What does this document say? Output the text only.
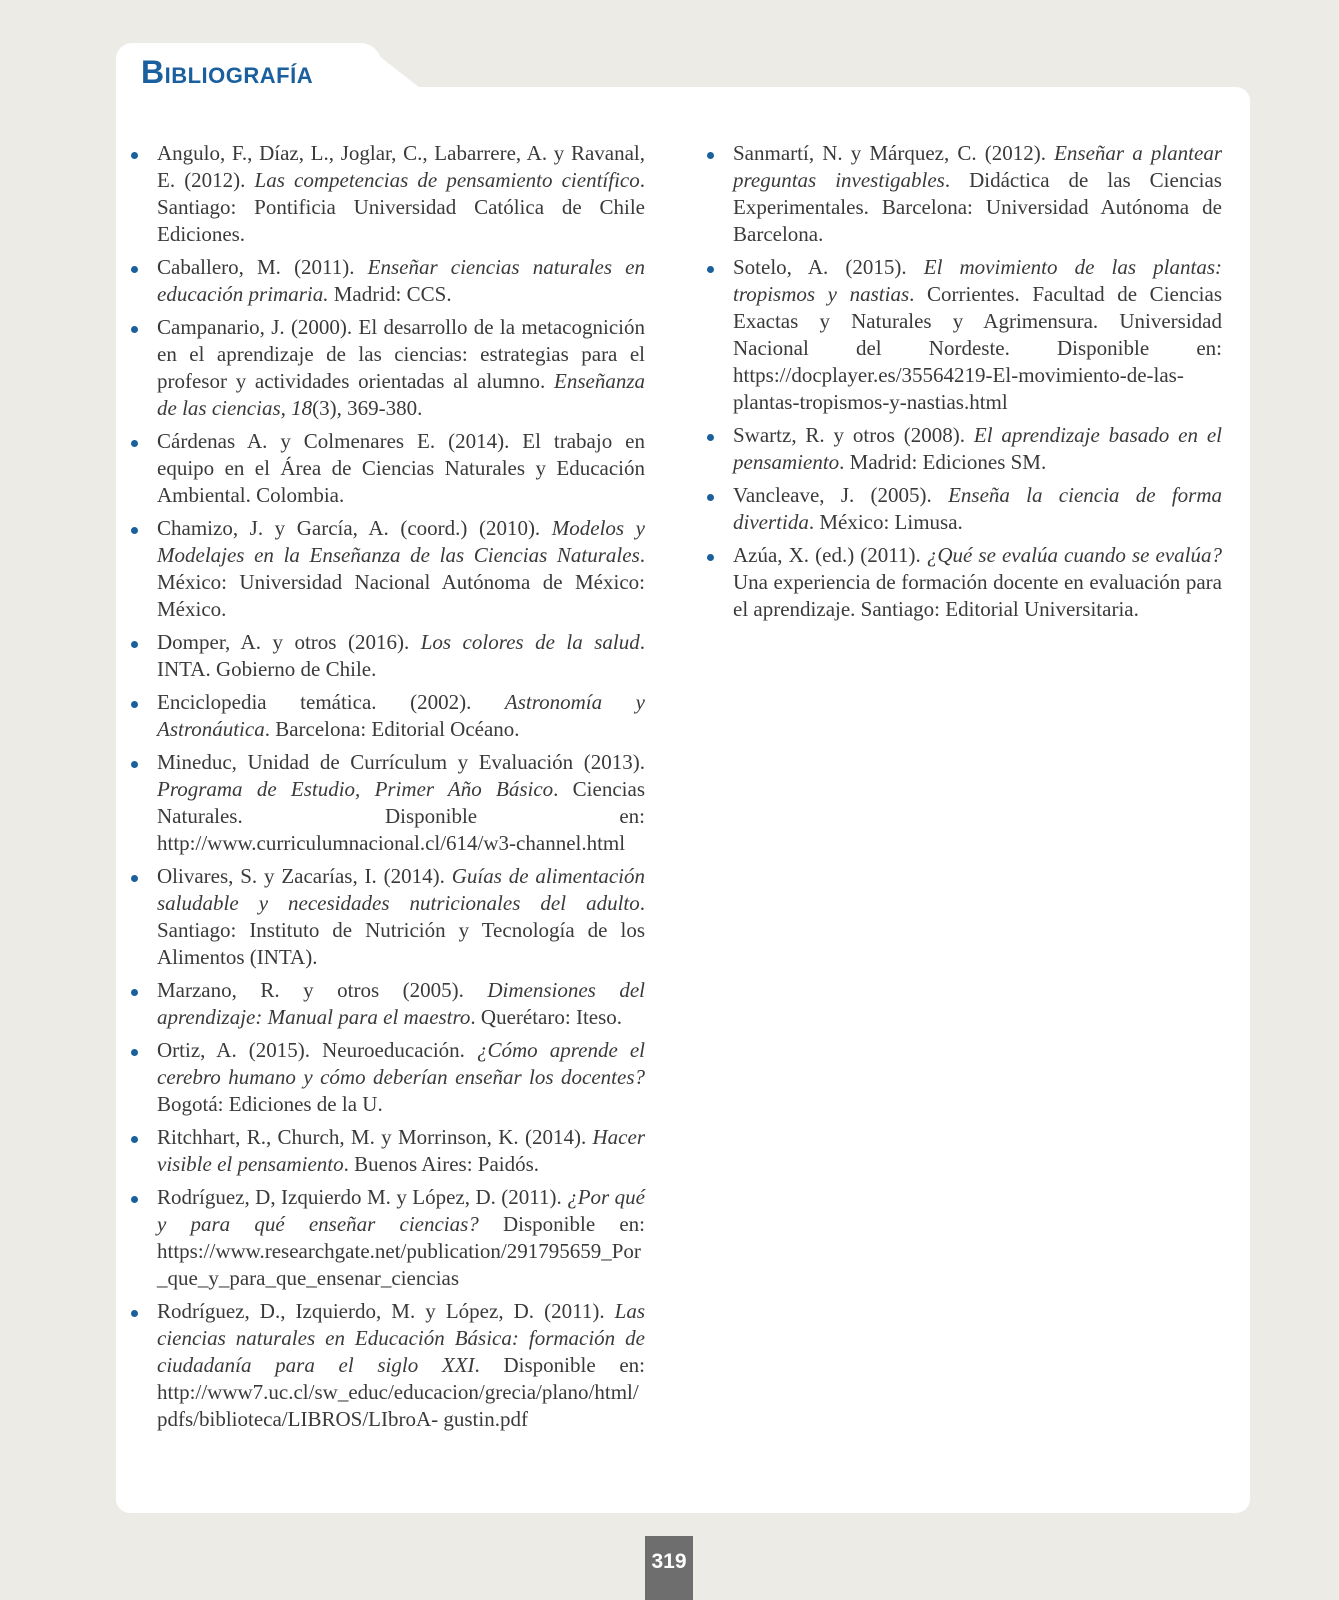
Bibliografía
Angulo, F., Díaz, L., Joglar, C., Labarrere, A. y Ravanal, E. (2012). Las competencias de pensamiento científico. Santiago: Pontificia Universidad Católica de Chile Ediciones.
Caballero, M. (2011). Enseñar ciencias naturales en educación primaria. Madrid: CCS.
Campanario, J. (2000). El desarrollo de la metacognición en el aprendizaje de las ciencias: estrategias para el profesor y actividades orientadas al alumno. Enseñanza de las ciencias, 18(3), 369-380.
Cárdenas A. y Colmenares E. (2014). El trabajo en equipo en el Área de Ciencias Naturales y Educación Ambiental. Colombia.
Chamizo, J. y García, A. (coord.) (2010). Modelos y Modelajes en la Enseñanza de las Ciencias Naturales. México: Universidad Nacional Autónoma de México: México.
Domper, A. y otros (2016). Los colores de la salud. INTA. Gobierno de Chile.
Enciclopedia temática. (2002). Astronomía y Astronáutica. Barcelona: Editorial Océano.
Mineduc, Unidad de Currículum y Evaluación (2013). Programa de Estudio, Primer Año Básico. Ciencias Naturales. Disponible en: http://www.curriculumnacional.cl/614/w3-channel.html
Olivares, S. y Zacarías, I. (2014). Guías de alimentación saludable y necesidades nutricionales del adulto. Santiago: Instituto de Nutrición y Tecnología de los Alimentos (INTA).
Marzano, R. y otros (2005). Dimensiones del aprendizaje: Manual para el maestro. Querétaro: Iteso.
Ortiz, A. (2015). Neuroeducación. ¿Cómo aprende el cerebro humano y cómo deberían enseñar los docentes? Bogotá: Ediciones de la U.
Ritchhart, R., Church, M. y Morrinson, K. (2014). Hacer visible el pensamiento. Buenos Aires: Paidós.
Rodríguez, D, Izquierdo M. y López, D. (2011). ¿Por qué y para qué enseñar ciencias? Disponible en: https://www.researchgate.net/publication/291795659_Por_que_y_para_que_ensenar_ciencias
Rodríguez, D., Izquierdo, M. y López, D. (2011). Las ciencias naturales en Educación Básica: formación de ciudadanía para el siglo XXI. Disponible en: http://www7.uc.cl/sw_educ/educacion/grecia/plano/html/pdfs/biblioteca/LIBROS/LIbroA- gustin.pdf
Sanmartí, N. y Márquez, C. (2012). Enseñar a plantear preguntas investigables. Didáctica de las Ciencias Experimentales. Barcelona: Universidad Autónoma de Barcelona.
Sotelo, A. (2015). El movimiento de las plantas: tropismos y nastias. Corrientes. Facultad de Ciencias Exactas y Naturales y Agrimensura. Universidad Nacional del Nordeste. Disponible en: https://docplayer.es/35564219-El-movimiento-de-las-plantas-tropismos-y-nastias.html
Swartz, R. y otros (2008). El aprendizaje basado en el pensamiento. Madrid: Ediciones SM.
Vancleave, J. (2005). Enseña la ciencia de forma divertida. México: Limusa.
Azúa, X. (ed.) (2011). ¿Qué se evalúa cuando se evalúa? Una experiencia de formación docente en evaluación para el aprendizaje. Santiago: Editorial Universitaria.
319
